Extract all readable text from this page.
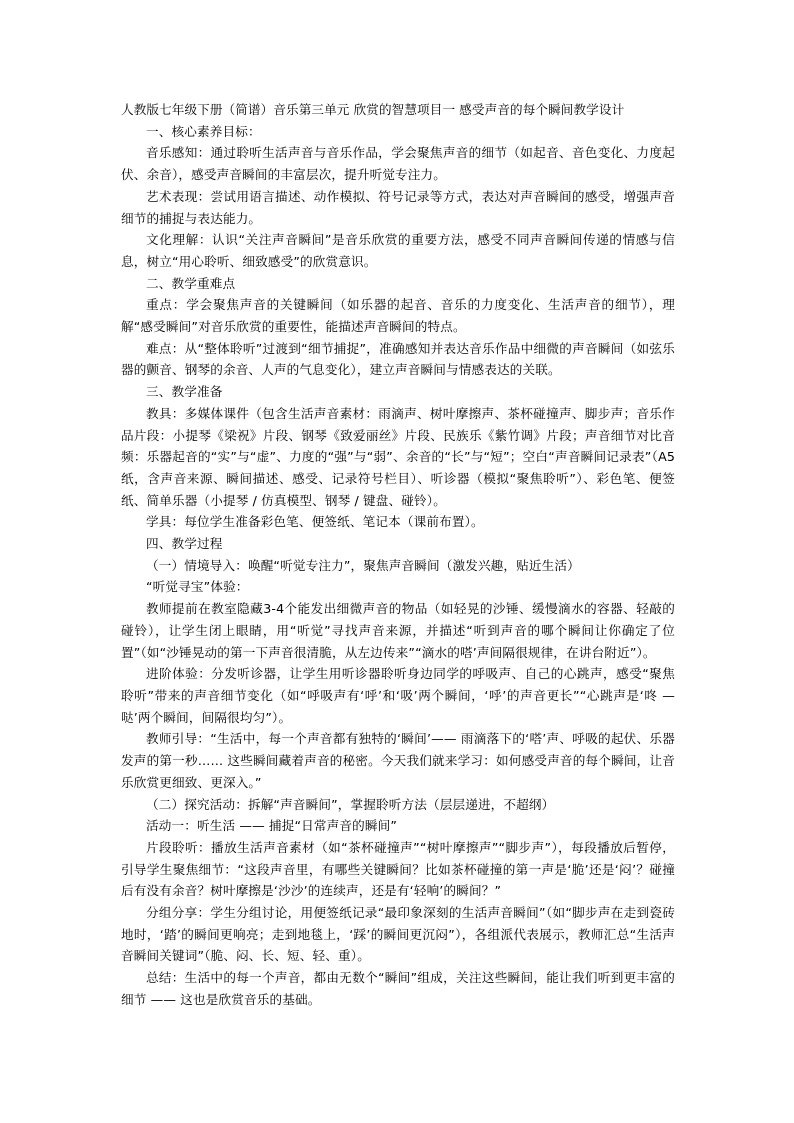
人教版七年级下册（简谱）音乐第三单元 欣赏的智慧项目一 感受声音的每个瞬间教学设计

一、核心素养目标：

音乐感知：通过聆听生活声音与音乐作品，学会聚焦声音的细节（如起音、音色变化、力度起伏、余音），感受声音瞬间的丰富层次，提升听觉专注力。

艺术表现：尝试用语言描述、动作模拟、符号记录等方式，表达对声音瞬间的感受，增强声音细节的捕捉与表达能力。

文化理解：认识“关注声音瞬间”是音乐欣赏的重要方法，感受不同声音瞬间传递的情感与信息，树立“用心聆听、细致感受”的欣赏意识。

二、教学重难点

重点：学会聚焦声音的关键瞬间（如乐器的起音、音乐的力度变化、生活声音的细节），理解“感受瞬间”对音乐欣赏的重要性，能描述声音瞬间的特点。

难点：从“整体聆听”过渡到“细节捕捉”，准确感知并表达音乐作品中细微的声音瞬间（如弦乐器的颤音、钢琴的余音、人声的气息变化），建立声音瞬间与情感表达的关联。

三、教学准备

教具：多媒体课件（包含生活声音素材：雨滴声、树叶摩擦声、茶杯碰撞声、脚步声；音乐作品片段：小提琴《梁祝》片段、钢琴《致爱丽丝》片段、民族乐《紫竹调》片段；声音细节对比音频：乐器起音的“实”与“虚”、力度的“强”与“弱”、余音的“长”与“短”；空白“声音瞬间记录表”（A5纸，含声音来源、瞬间描述、感受、记录符号栏目）、听诊器（模拟“聚焦聆听”）、彩色笔、便签纸、简单乐器（小提琴 / 仿真模型、钢琴 / 键盘、碰铃）。

学具：每位学生准备彩色笔、便签纸、笔记本（课前布置）。

四、教学过程

（一）情境导入：唤醒“听觉专注力”，聚焦声音瞬间（激发兴趣，贴近生活）

“听觉寻宝”体验：

教师提前在教室隐藏3-4个能发出细微声音的物品（如轻晃的沙锤、缓慢滴水的容器、轻敲的碰铃），让学生闭上眼睛，用“听觉”寻找声音来源，并描述“听到声音的哪个瞬间让你确定了位置”（如“沙锤晃动的第一下声音很清脆，从左边传来”“滴水的嗒’声间隔很规律，在讲台附近”）。

进阶体验：分发听诊器，让学生用听诊器聆听身边同学的呼吸声、自己的心跳声，感受“聚焦聆听”带来的声音细节变化（如“呼吸声有‘呼’和‘吸’两个瞬间，‘呼’的声音更长”“心跳声是‘咚 — 哒’两个瞬间，间隔很均匀”）。

教师引导：“生活中，每一个声音都有独特的‘瞬间’—— 雨滴落下的‘嗒’声、呼吸的起伏、乐器发声的第一秒…… 这些瞬间藏着声音的秘密。今天我们就来学习：如何感受声音的每个瞬间，让音乐欣赏更细致、更深入。”

（二）探究活动：拆解“声音瞬间”，掌握聆听方法（层层递进，不超纲）

活动一：听生活 —— 捕捉“日常声音的瞬间”

片段聆听：播放生活声音素材（如“茶杯碰撞声”“树叶摩擦声”“脚步声”），每段播放后暂停，引导学生聚焦细节：“这段声音里，有哪些关键瞬间？比如茶杯碰撞的第一声是‘脆’还是‘闷’？碰撞后有没有余音？树叶摩擦是‘沙沙’的连续声，还是有‘轻响’的瞬间？”

分组分享：学生分组讨论，用便签纸记录“最印象深刻的生活声音瞬间”（如“脚步声在走到瓷砖地时，‘踏’的瞬间更响亮；走到地毯上，‘踩’的瞬间更沉闷”），各组派代表展示，教师汇总“生活声音瞬间关键词”（脆、闷、长、短、轻、重）。

总结：生活中的每一个声音，都由无数个“瞬间”组成，关注这些瞬间，能让我们听到更丰富的细节 —— 这也是欣赏音乐的基础。
